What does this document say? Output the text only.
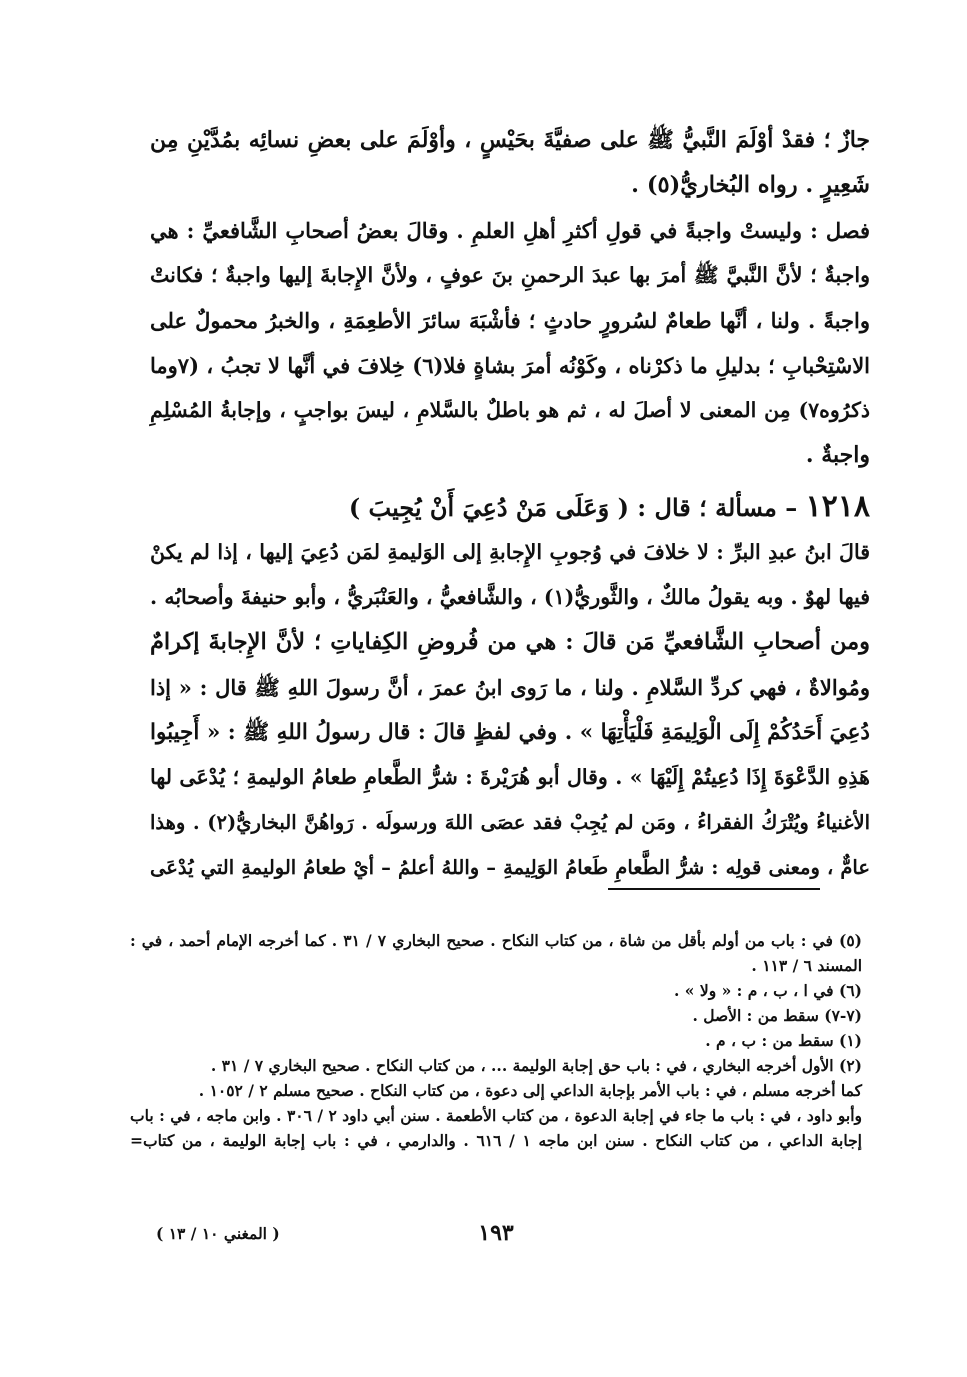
جازٌ ؛ فقدْ أوْلَمَ النَّبيُّ ﷺ على صفيَّةَ بحَيْسٍ ، وأوْلَمَ على بعضِ نسائِه بمُدَّيْنِ مِن
شَعِيرٍ . رواه البُخاريُّ(٥) .
فصل : وليستْ واجبةً في قولِ أكثرِ أهلِ العلمِ . وقالَ بعضُ أصحابِ الشَّافعيِّ : هي
واجبةٌ ؛ لأنَّ النَّبيَّ ﷺ أمرَ بها عبدَ الرحمنِ بنَ عوفٍ ، ولأنَّ الإِجابةَ إليها واجبةٌ ؛ فكانتْ
واجبةً . ولنا ، أنَّها طعامٌ لسُرورٍ حادثٍ ؛ فأشْبَهَ سائرَ الأطعِمَةِ ، والخبرُ محمولٌ على
الاسْتِحْبابِ ؛ بدليلِ ما ذكرْناه ، وكَوْنُه أمرَ بشاةٍ فلا(٦) خِلافَ في أنَّها لا تجبُ ، (٧وما
ذكرُوه٧) مِن المعنى لا أصلَ له ، ثم هو باطلٌ بالسَّلامِ ، ليسَ بواجبٍ ، وإجابةُ المُسْلِمِ
واجبةٌ .
١٢١٨ – مسألة ؛ قال : ( وَعَلَى مَنْ دُعِيَ أَنْ يُجِيبَ )
قالَ ابنُ عبدِ البرِّ : لا خلافَ في وُجوبِ الإِجابةِ إلى الوَليمةِ لمَن دُعِيَ إليها ، إذا لم يكنْ
فيها لهوٌ . وبه يقولُ مالكٌ ، والثَّوريُّ(١) ، والشَّافعيُّ ، والعَنْبَريُّ ، وأبو حنيفةَ وأصحابُه .
ومن أصحابِ الشَّافعيِّ مَن قالَ : هي من فُروضِ الكِفاياتِ ؛ لأنَّ الإِجابةَ إكرامٌ
ومُوالاةٌ ، فهي كردِّ السَّلامِ . ولنا ، ما رَوى ابنُ عمرَ ، أنَّ رسولَ اللهِ ﷺ قال : « إذا
دُعِيَ أَحَدُكُمْ إِلَى الْوَلِيمَةِ فَلْيَأْتِهَا » . وفي لفظٍ قالَ : قال رسولُ اللهِ ﷺ : « أَجِيبُوا
هَذِهِ الدَّعْوَةَ إِذَا دُعِيتُمْ إِلَيْهَا » . وقال أبو هُرَيْرةَ : شرُّ الطَّعامِ طعامُ الوليمةِ ؛ يُدْعَى لها
الأغنياءُ ويُتْرَكُ الفقراءُ ، ومَن لم يُجِبْ فقد عصَى اللهَ ورسولَه . رَواهُنَّ البخاريُّ(٢) . وهذا
عامٌّ ، ومعنى قولِه : شرُّ الطَّعامِ طَعامُ الوَلِيمةِ – واللهُ أعلمُ – أيْ طعامُ الوليمةِ التي يُدْعَى
(٥) في : باب من أولم بأقل من شاة ، من كتاب النكاح . صحيح البخاري ٧ / ٣١ . كما أخرجه الإمام أحمد ، في :
المسند ٦ / ١١٣ .
(٦) في ا ، ب ، م : « ولا » .
(٧-٧) سقط من : الأصل .
(١) سقط من : ب ، م .
(٢) الأول أخرجه البخاري ، في : باب حق إجابة الوليمة ... ، من كتاب النكاح . صحيح البخاري ٧ / ٣١ .
كما أخرجه مسلم ، في : باب الأمر بإجابة الداعي إلى دعوة ، من كتاب النكاح . صحيح مسلم ٢ / ١٠٥٢ .
وأبو داود ، في : باب ما جاء في إجابة الدعوة ، من كتاب الأطعمة . سنن أبي داود ٢ / ٣٠٦ . وابن ماجه ، في : باب
إجابة الداعي ، من كتاب النكاح . سنن ابن ماجه ١ / ٦١٦ . والدارمي ، في : باب إجابة الوليمة ، من كتاب=
١٩٣
( المغني ١٠ / ١٣ )
